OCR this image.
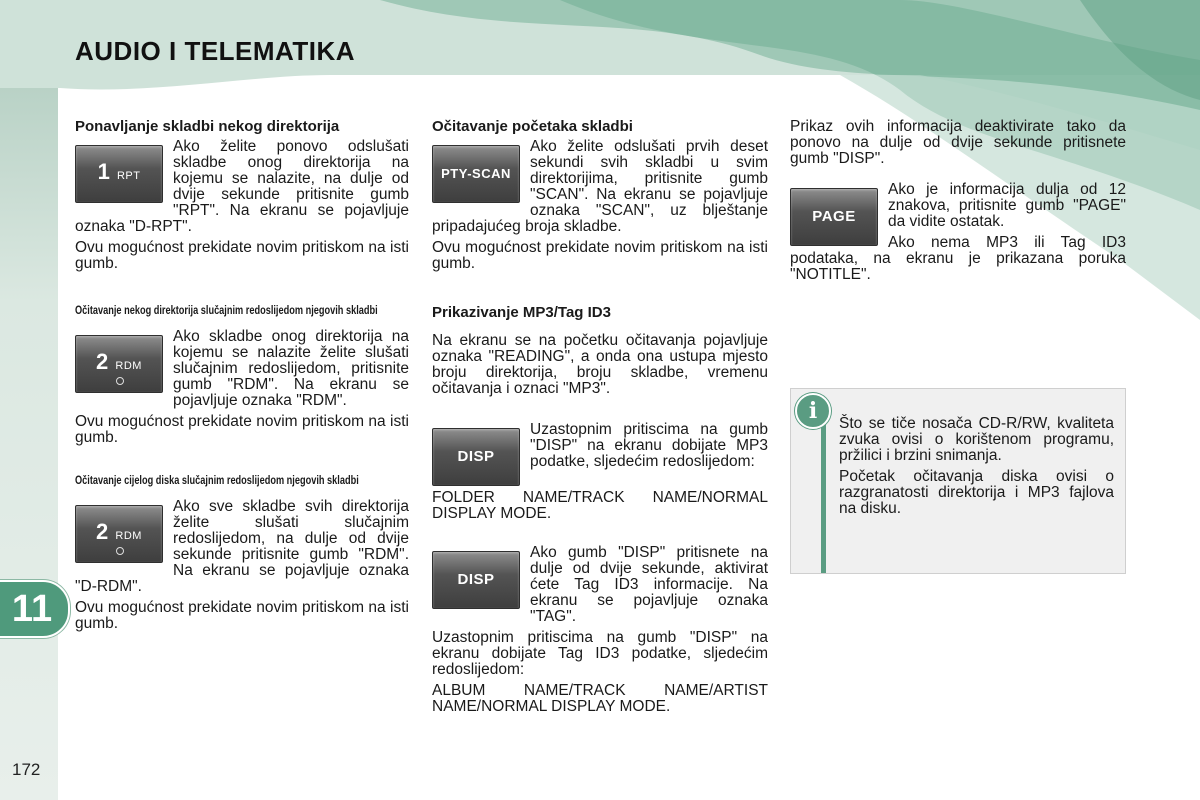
AUDIO I TELEMATIKA
11
172
Ponavljanje skladbi nekog direktorija
1 RPT

Ako želite ponovo odslušati skladbe onog direktorija na kojemu se nalazite, na dulje od dvije sekunde pritisnite gumb "RPT". Na ekranu se pojavljuje oznaka "D-RPT".

Ovu mogućnost prekidate novim pritiskom na isti gumb.

Očitavanje nekog direktorija slučajnim redoslijedom njegovih skladbi
2 RDM

Ako skladbe onog direktorija na kojemu se nalazite želite slušati slučajnim redoslijedom, pritisnite gumb "RDM". Na ekranu se pojavljuje oznaka "RDM".

Ovu mogućnost prekidate novim pritiskom na isti gumb.

Očitavanje cijelog diska slučajnim redoslijedom njegovih skladbi
2 RDM

Ako sve skladbe svih direktorija želite slušati slučajnim redoslijedom, na dulje od dvije sekunde pritisnite gumb "RDM". Na ekranu se pojavljuje oznaka "D-RDM".

Ovu mogućnost prekidate novim pritiskom na isti gumb.

Očitavanje početaka skladbi
PTY-SCAN

Ako želite odslušati prvih deset sekundi svih skladbi u svim direktorijima, pritisnite gumb "SCAN". Na ekranu se pojavljuje oznaka "SCAN", uz blještanje pripadajućeg broja skladbe.

Ovu mogućnost prekidate novim pritiskom na isti gumb.

Prikazivanje MP3/Tag ID3

Na ekranu se na početku očitavanja pojavljuje oznaka "READING", a onda ona ustupa mjesto broju direktorija, broju skladbe, vremenu očitavanja i oznaci "MP3".

DISP

Uzastopnim pritiscima na gumb "DISP" na ekranu dobijate MP3 podatke, sljedećim redoslijedom:

FOLDER NAME/TRACK NAME/NORMAL DISPLAY MODE.

DISP

Ako gumb "DISP" pritisnete na dulje od dvije sekunde, aktivirat ćete Tag ID3 informacije. Na ekranu se pojavljuje oznaka "TAG".

Uzastopnim pritiscima na gumb "DISP" na ekranu dobijate Tag ID3 podatke, sljedećim redoslijedom:

ALBUM NAME/TRACK NAME/ARTIST NAME/NORMAL DISPLAY MODE.

Prikaz ovih informacija deaktivirate tako da ponovo na dulje od dvije sekunde pritisnete gumb "DISP".

PAGE

Ako je informacija dulja od 12 znakova, pritisnite gumb "PAGE" da vidite ostatak.

Ako nema MP3 ili Tag ID3 podataka, na ekranu je prikazana poruka "NOTITLE".

i	Što se tiče nosača CD-R/RW, kvaliteta zvuka ovisi o korištenom programu, pržilici i brzini snimanja.

Početak očitavanja diska ovisi o razgranatosti direktorija i MP3 fajlova na disku.
